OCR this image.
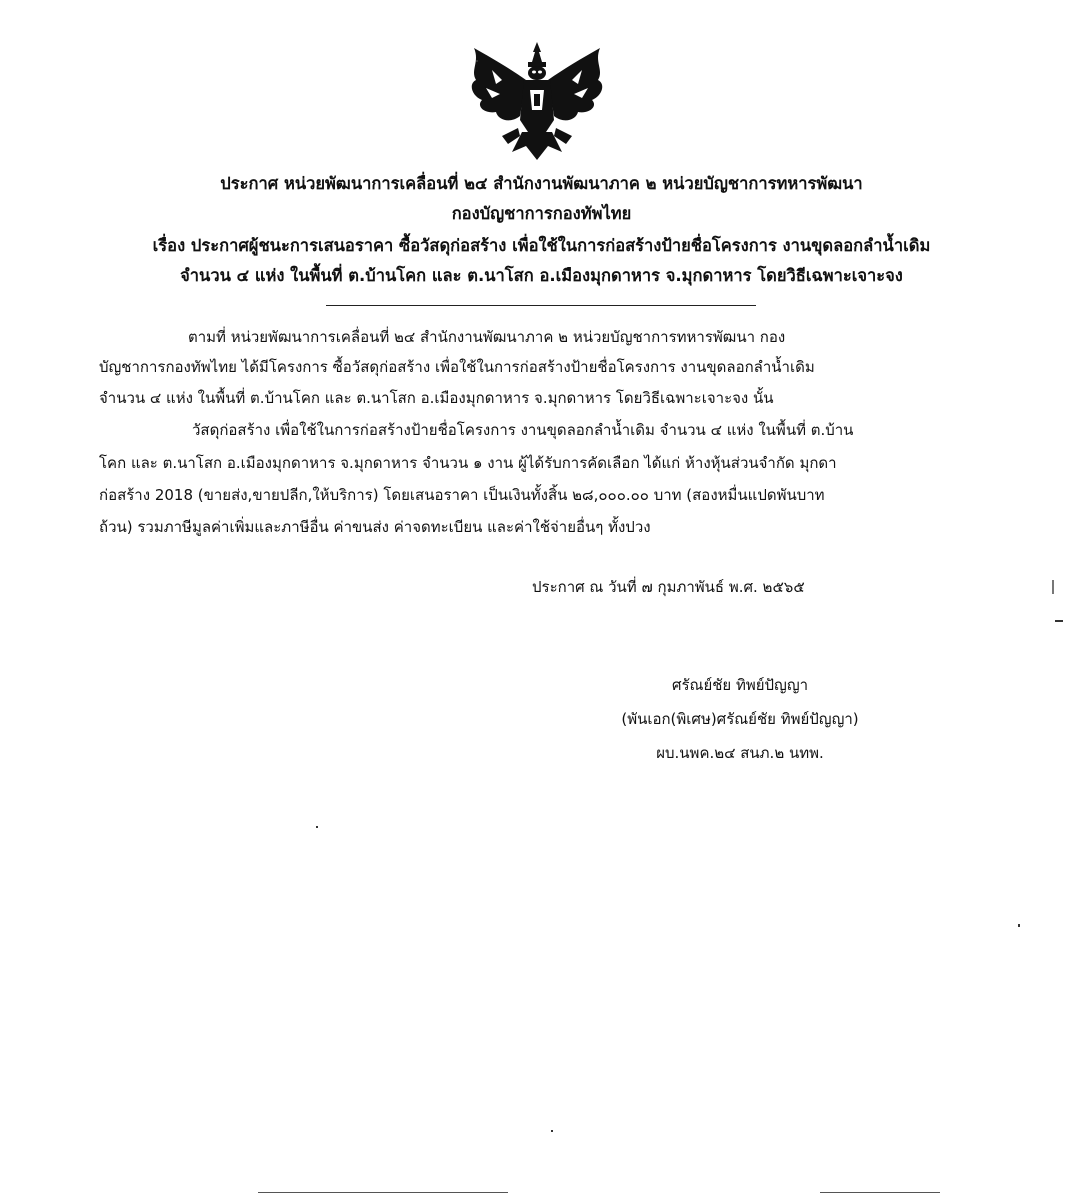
ประกาศ หน่วยพัฒนาการเคลื่อนที่ ๒๔ สำนักงานพัฒนาภาค ๒ หน่วยบัญชาการทหารพัฒนา
กองบัญชาการกองทัพไทย
เรื่อง ประกาศผู้ชนะการเสนอราคา ซื้อวัสดุก่อสร้าง เพื่อใช้ในการก่อสร้างป้ายชื่อโครงการ งานขุดลอกลำน้ำเดิม
จำนวน ๔ แห่ง ในพื้นที่ ต.บ้านโคก และ ต.นาโสก อ.เมืองมุกดาหาร จ.มุกดาหาร โดยวิธีเฉพาะเจาะจง
ตามที่ หน่วยพัฒนาการเคลื่อนที่ ๒๔ สำนักงานพัฒนาภาค ๒ หน่วยบัญชาการทหารพัฒนา กอง
บัญชาการกองทัพไทย ได้มีโครงการ ซื้อวัสดุก่อสร้าง เพื่อใช้ในการก่อสร้างป้ายชื่อโครงการ งานขุดลอกลำน้ำเดิม
จำนวน ๔ แห่ง ในพื้นที่ ต.บ้านโคก และ ต.นาโสก อ.เมืองมุกดาหาร จ.มุกดาหาร โดยวิธีเฉพาะเจาะจง นั้น
วัสดุก่อสร้าง เพื่อใช้ในการก่อสร้างป้ายชื่อโครงการ งานขุดลอกลำน้ำเดิม จำนวน ๔ แห่ง ในพื้นที่ ต.บ้าน
โคก และ ต.นาโสก อ.เมืองมุกดาหาร จ.มุกดาหาร จำนวน ๑ งาน ผู้ได้รับการคัดเลือก ได้แก่ ห้างหุ้นส่วนจำกัด มุกดา
ก่อสร้าง 2018 (ขายส่ง,ขายปลีก,ให้บริการ) โดยเสนอราคา เป็นเงินทั้งสิ้น ๒๘,๐๐๐.๐๐ บาท (สองหมื่นแปดพันบาท
ถ้วน) รวมภาษีมูลค่าเพิ่มและภาษีอื่น ค่าขนส่ง ค่าจดทะเบียน และค่าใช้จ่ายอื่นๆ ทั้งปวง
ประกาศ ณ วันที่ ๗ กุมภาพันธ์ พ.ศ. ๒๕๖๕
ศรัณย์ชัย ทิพย์ปัญญา
(พันเอก(พิเศษ)ศรัณย์ชัย ทิพย์ปัญญา)
ผบ.นพค.๒๔ สนภ.๒ นทพ.
